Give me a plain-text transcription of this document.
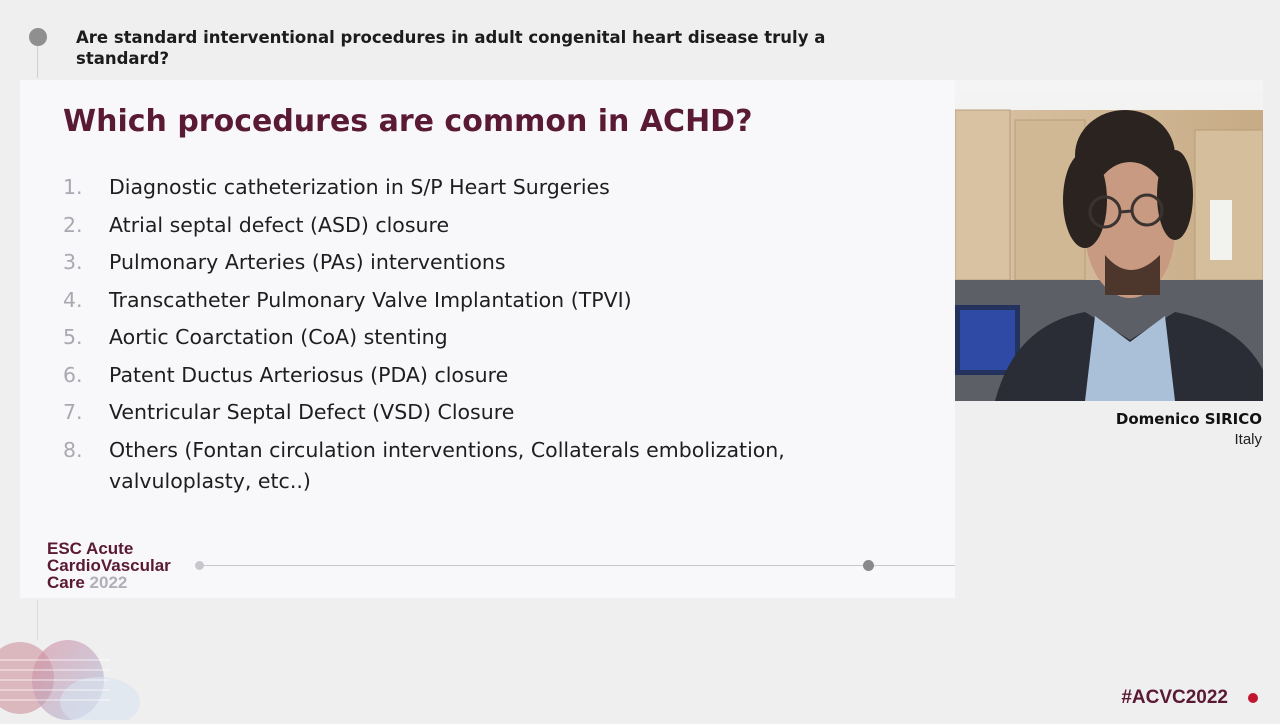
Are standard interventional procedures in adult congenital heart disease truly a standard?
Which procedures are common in ACHD?
1.	Diagnostic catheterization in S/P Heart Surgeries
2.	Atrial septal defect (ASD) closure
3.	Pulmonary Arteries (PAs) interventions
4.	Transcatheter Pulmonary Valve Implantation (TPVI)
5.	Aortic Coarctation (CoA) stenting
6.	Patent Ductus Arteriosus (PDA) closure
7.	Ventricular Septal Defect (VSD) Closure
8.	Others (Fontan circulation interventions, Collaterals embolization, valvuloplasty, etc..)
ESC Acute
CardioVascular
Care 2022
Domenico SIRICO
Italy
#ACVC2022
